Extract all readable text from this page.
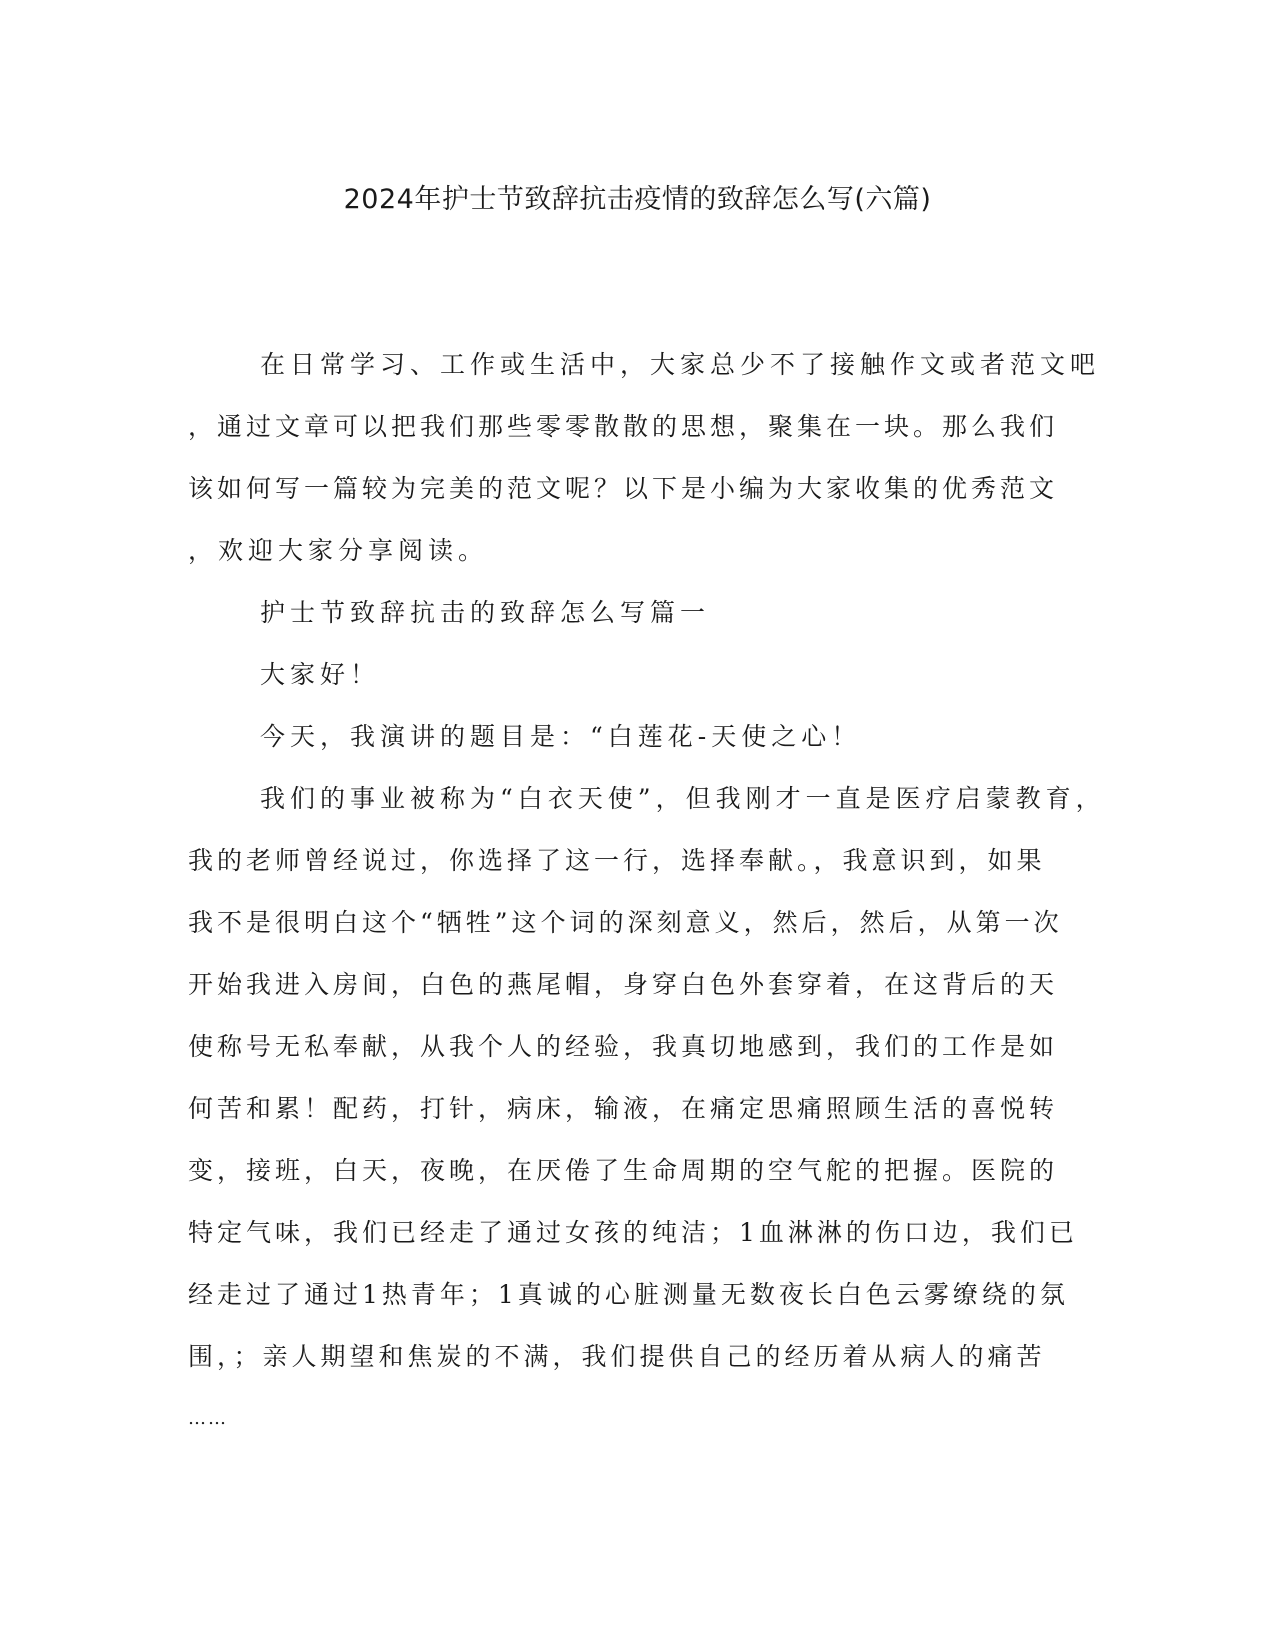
2024年护士节致辞抗击疫情的致辞怎么写(六篇)
在日常学习、工作或生活中，大家总少不了接触作文或者范文吧
，通过文章可以把我们那些零零散散的思想，聚集在一块。那么我们
该如何写一篇较为完美的范文呢？以下是小编为大家收集的优秀范文
，欢迎大家分享阅读。
护士节致辞抗击的致辞怎么写篇一
大家好！
今天，我演讲的题目是：“白莲花-天使之心！
我们的事业被称为“白衣天使”，但我刚才一直是医疗启蒙教育，
我的老师曾经说过，你选择了这一行，选择奉献。，我意识到，如果
我不是很明白这个“牺牲”这个词的深刻意义，然后，然后，从第一次
开始我进入房间，白色的燕尾帽，身穿白色外套穿着，在这背后的天
使称号无私奉献，从我个人的经验，我真切地感到，我们的工作是如
何苦和累！配药，打针，病床，输液，在痛定思痛照顾生活的喜悦转
变，接班，白天，夜晚，在厌倦了生命周期的空气舵的把握。医院的
特定气味，我们已经走了通过女孩的纯洁；1血淋淋的伤口边，我们已
经走过了通过1热青年；1真诚的心脏测量无数夜长白色云雾缭绕的氛
围，；亲人期望和焦炭的不满，我们提供自己的经历着从病人的痛苦
……
